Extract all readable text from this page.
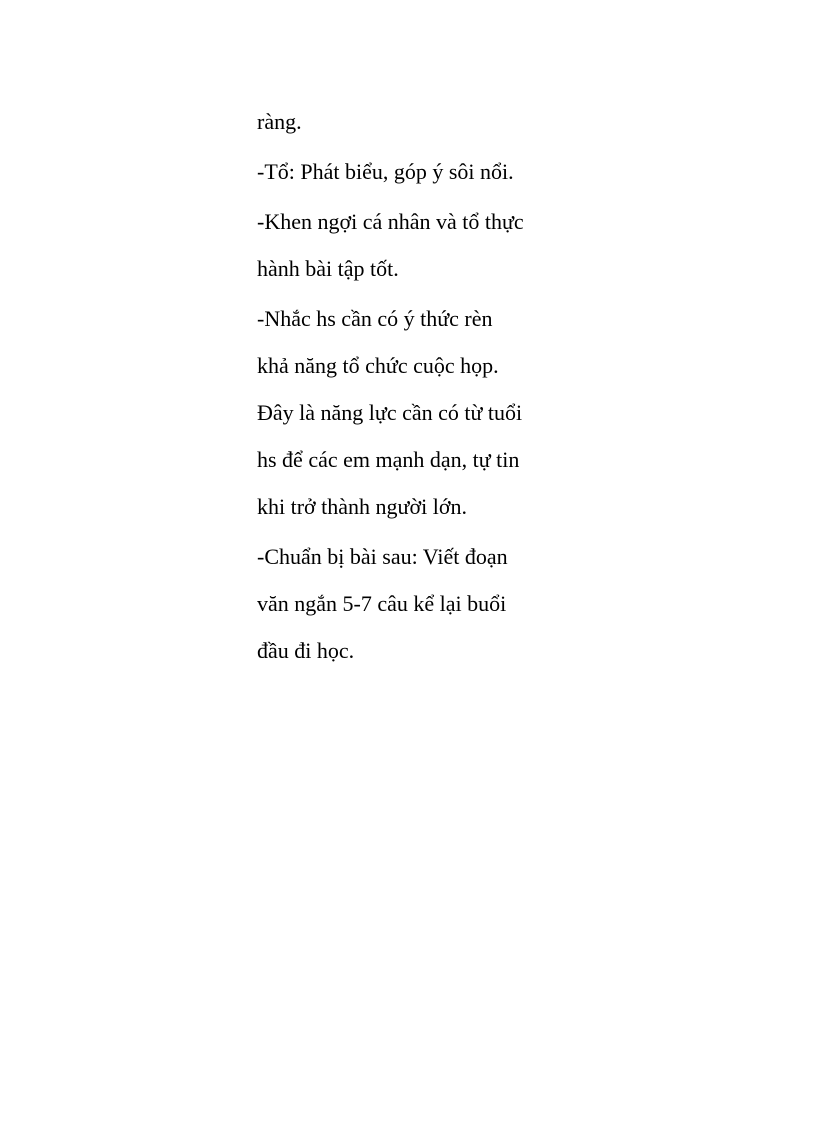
ràng.

-Tổ: Phát biểu, góp ý sôi nổi.

-Khen ngợi cá nhân và tổ thực
hành bài tập tốt.

-Nhắc hs cần có ý thức rèn
khả năng tổ chức cuộc họp.
Đây là năng lực cần có từ tuổi
hs để các em mạnh dạn, tự tin
khi trở thành người lớn.

-Chuẩn bị bài sau: Viết đoạn
văn ngắn 5-7 câu kể lại buổi
đầu đi học.
